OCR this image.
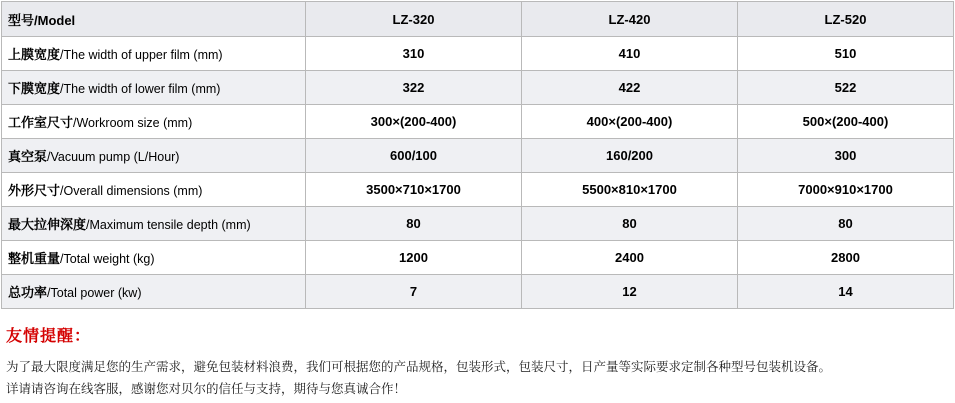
型号/Model	LZ-320	LZ-420	LZ-520
上膜宽度/The width of upper film (mm)	310	410	510
下膜宽度/The width of lower film (mm)	322	422	522
工作室尺寸/Workroom size (mm)	300×(200-400)	400×(200-400)	500×(200-400)
真空泵/Vacuum pump (L/Hour)	600/100	160/200	300
外形尺寸/Overall dimensions (mm)	3500×710×1700	5500×810×1700	7000×910×1700
最大拉伸深度/Maximum tensile depth (mm)	80	80	80
整机重量/Total weight (kg)	1200	2400	2800
总功率/Total power (kw)	7	12	14
友情提醒：
为了最大限度满足您的生产需求，避免包装材料浪费，我们可根据您的产品规格，包装形式，包装尺寸，日产量等实际要求定制各种型号包装机设备。
详请请咨询在线客服，感谢您对贝尔的信任与支持，期待与您真诚合作！
